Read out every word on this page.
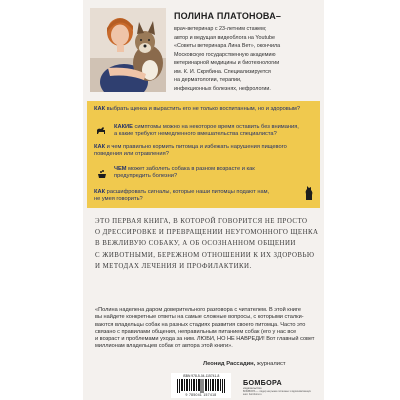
ПОЛИНА ПЛАТОНОВА–
врач-ветеринар с 23-летним стажем;
автор и ведущая видеоблога на Youtube
«Советы ветеринара Лина Вет», окончила
Московскую государственную академию
ветеринарной медицины и биотехнологии
им. К. И. Скрябина. Специализируется
на дерматологии, терапии,
инфекционных болезнях, нефрологии.
КАК выбрать щенка и вырастить его не только воспитанным, но и здоровым?
КАКИЕ симптомы можно на некоторое время оставить без внимания,
а какие требуют немедленного вмешательства специалиста?
КАК и чем правильно кормить питомца и избежать нарушения пищевого
поведения или отравления?
ЧЕМ может заболеть собака в разном возрасте и как
предупредить болезни?
КАК расшифровать сигналы, которые наши питомцы подают нам,
не умея говорить?
ЭТО ПЕРВАЯ КНИГА, В КОТОРОЙ ГОВОРИТСЯ НЕ ПРОСТО
О ДРЕССИРОВКЕ И ПРЕВРАЩЕНИИ НЕУГОМОННОГО ЩЕНКА
В ВЕЖЛИВУЮ СОБАКУ, А ОБ ОСОЗНАННОМ ОБЩЕНИИ
С ЖИВОТНЫМИ, БЕРЕЖНОМ ОТНОШЕНИИ К ИХ ЗДОРОВЬЮ
И МЕТОДАХ ЛЕЧЕНИЯ И ПРОФИЛАКТИКИ.
«Полина наделена даром доверительного разговора с читателем. В этой книге
вы найдете конкретные ответы на самые сложные вопросы, с которыми сталки-
ваются владельцы собак на разных стадиях развития своего питомца. Часто это
связано с правилами общения, неправильным питанием собак (его у нас все
и возраст и проблемами ухода за ним. ЛЮБИ, НО НЕ НАВРЕДИ! Вот главный совет
миллионам владельцев собак от автора этой книги».
Леонид Рассадин, журналист
ISBN 978-5-04-115741-8
9 785041 157418
БОМБОРА
издательство
БОМБОРА — лидер на рынке полезных и вдохновляющих книг. bombora.ru
